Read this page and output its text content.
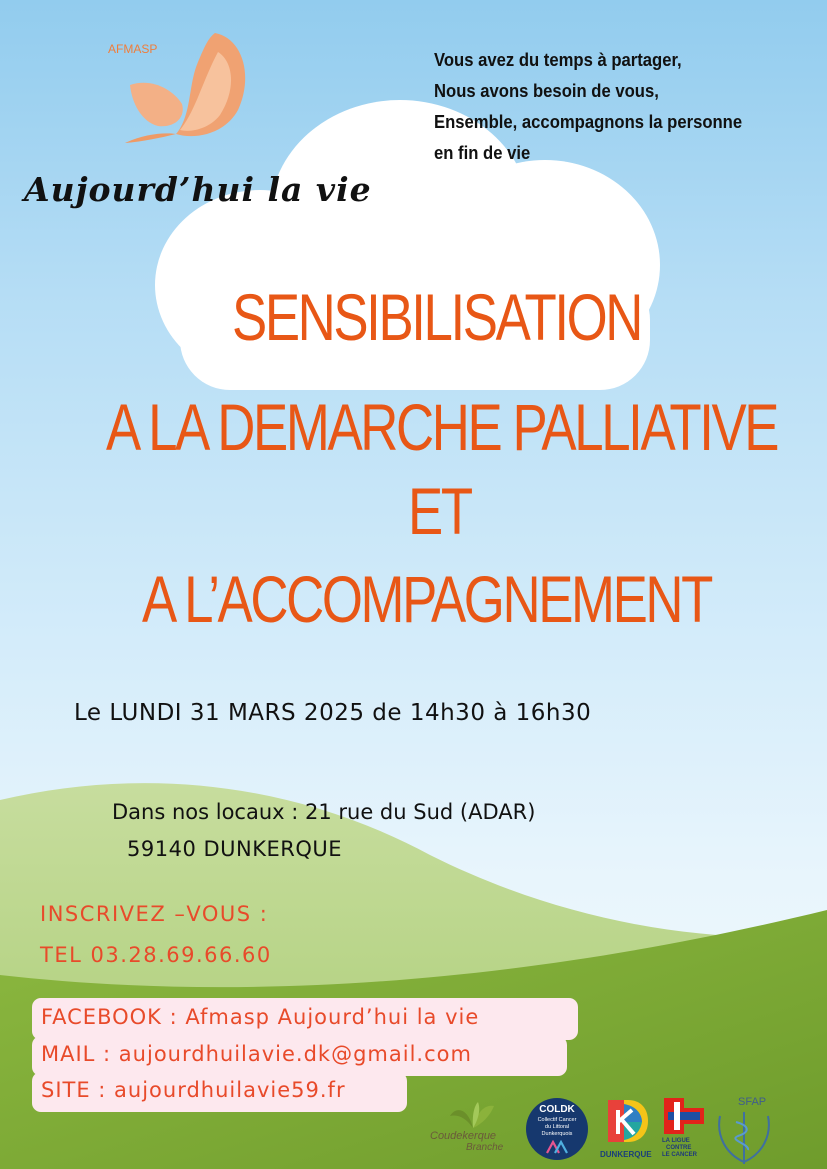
AFMASP
Aujourd’hui la vie
Vous avez du temps à partager,
Nous avons besoin de vous,
Ensemble, accompagnons la personne
en fin de vie
SENSIBILISATION
A LA DEMARCHE PALLIATIVE
ET
A L’ACCOMPAGNEMENT
Le LUNDI 31 MARS 2025 de 14h30 à 16h30
Dans nos locaux : 21 rue du Sud (ADAR)
59140 DUNKERQUE
INSCRIVEZ –VOUS :
TEL 03.28.69.66.60
FACEBOOK : Afmasp Aujourd’hui la vie
MAIL : aujourdhuilavie.dk@gmail.com
SITE : aujourdhuilavie59.fr
Coudekerque
Branche
COLDK
Collectif Cancer
du Littoral
Dunkerquois
DUNKERQUE
LA LIGUE
CONTRE
LE CANCER
SFAP
